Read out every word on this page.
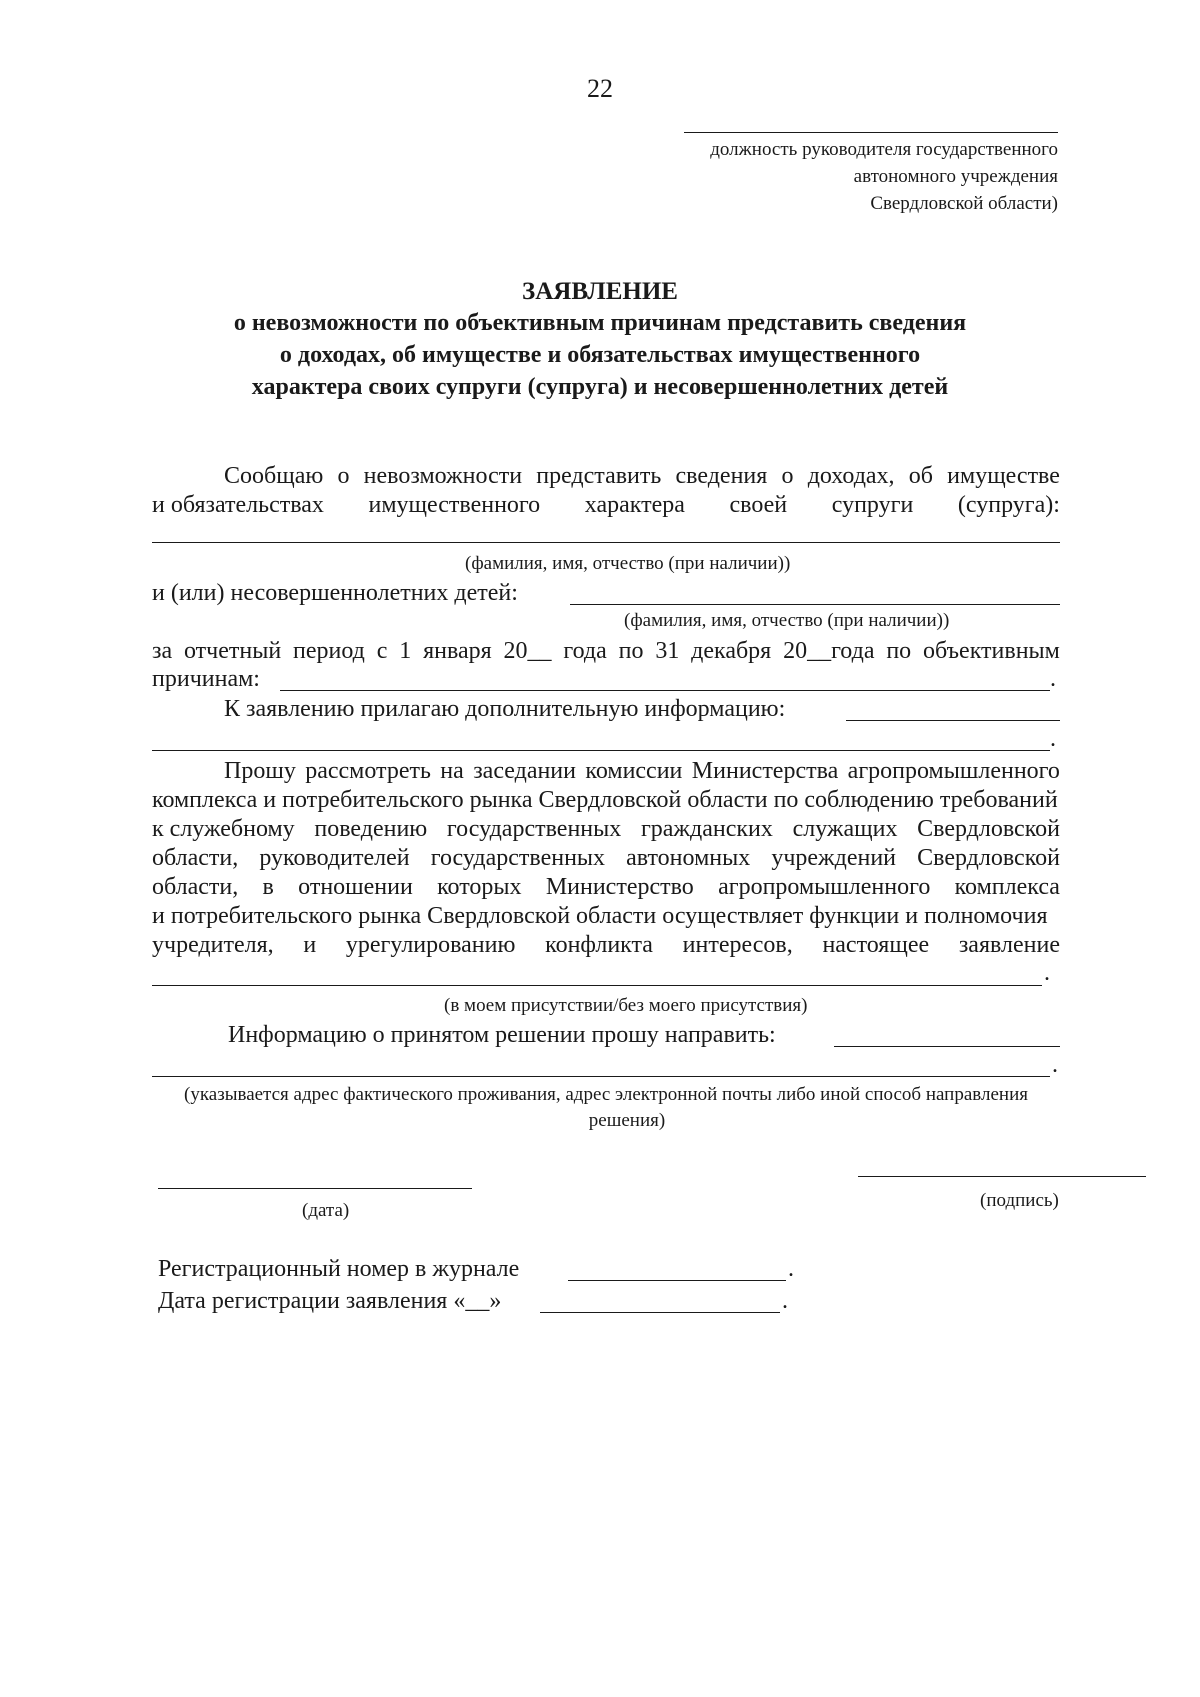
22
должность руководителя государственного
автономного учреждения
Свердловской области)
ЗАЯВЛЕНИЕ
о невозможности по объективным причинам представить сведения
о доходах, об имуществе и обязательствах имущественного
характера своих супруги (супруга) и несовершеннолетних детей
Сообщаю о невозможности представить сведения о доходах, об имуществе
и обязательствах имущественного характера своей супруги (супруга):
(фамилия, имя, отчество (при наличии))
и (или) несовершеннолетних детей:
(фамилия, имя, отчество (при наличии))
за отчетный период с 1 января 20__ года по 31 декабря 20__года по объективным
причинам:	.
К заявлению прилагаю дополнительную информацию:
.
Прошу рассмотреть на заседании комиссии Министерства агропромышленного
комплекса и потребительского рынка Свердловской области по соблюдению требований
к служебному поведению государственных гражданских служащих Свердловской
области, руководителей государственных автономных учреждений Свердловской
области, в отношении которых Министерство агропромышленного комплекса
и потребительского рынка Свердловской области осуществляет функции и полномочия
учредителя, и урегулированию конфликта интересов, настоящее заявление
.
(в моем присутствии/без моего присутствия)
Информацию о принятом решении прошу направить:
.
(указывается адрес фактического проживания, адрес электронной почты либо иной способ направления
решения)
(дата)	(подпись)
Регистрационный номер в журнале	.
Дата регистрации заявления «__»	.
